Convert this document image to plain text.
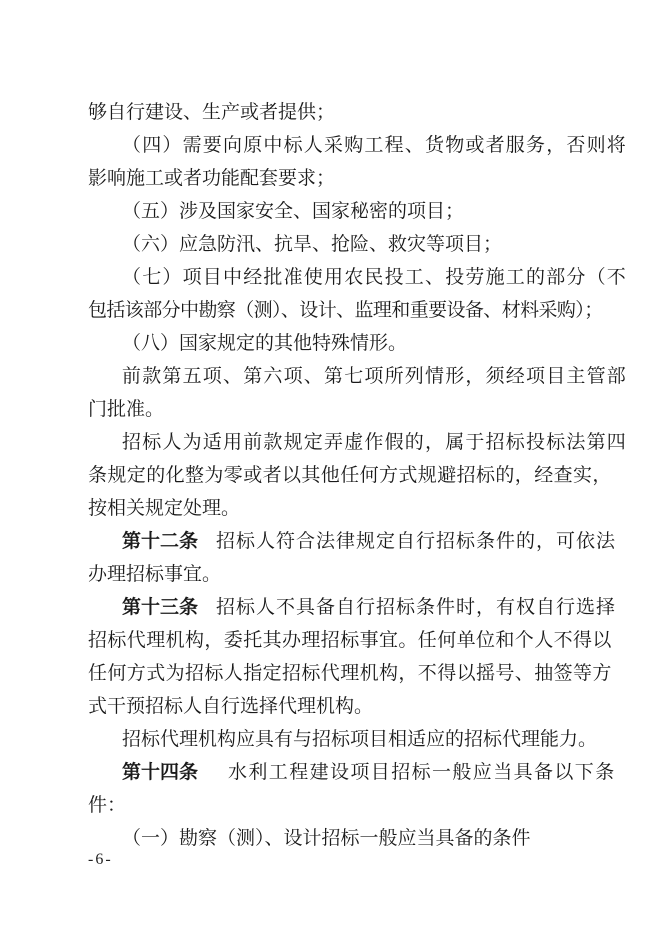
够自行建设、生产或者提供；
（四）需要向原中标人采购工程、货物或者服务，否则将
影响施工或者功能配套要求；
（五）涉及国家安全、国家秘密的项目；
（六）应急防汛、抗旱、抢险、救灾等项目；
（七）项目中经批准使用农民投工、投劳施工的部分（不
包括该部分中勘察（测）、设计、监理和重要设备、材料采购）；
（八）国家规定的其他特殊情形。
前款第五项、第六项、第七项所列情形，须经项目主管部
门批准。
招标人为适用前款规定弄虚作假的，属于招标投标法第四
条规定的化整为零或者以其他任何方式规避招标的，经查实，
按相关规定处理。
第十二条 招标人符合法律规定自行招标条件的，可依法
办理招标事宜。
第十三条 招标人不具备自行招标条件时，有权自行选择
招标代理机构，委托其办理招标事宜。任何单位和个人不得以
任何方式为招标人指定招标代理机构，不得以摇号、抽签等方
式干预招标人自行选择代理机构。
招标代理机构应具有与招标项目相适应的招标代理能力。
第十四条 水利工程建设项目招标一般应当具备以下条
件：
（一）勘察（测）、设计招标一般应当具备的条件
-6-
